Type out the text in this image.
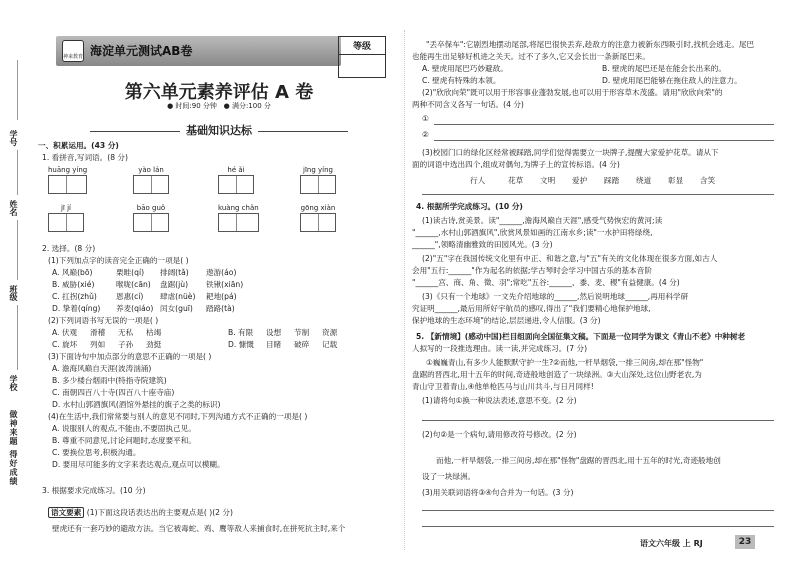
学号
姓名
班级
学校
做神来题 得好成绩
神来教育 海淀单元测试AB卷	等级
第六单元素养评估 A 卷
● 时间:90 分钟 ● 满分:100 分
基础知识达标
一、积累运用。(43 分)
1. 看拼音,写词语。(8 分)
huāng yíng	yào lán	hé ǎi	jīng yíng
jī jí	bāo guǒ	kuàng chǎn	gōng xiàn
2. 选择。(8 分)
(1)下列加点字的读音完全正确的一项是( )
A. 风巅(bō)	栗畦(qí) 排阔(tǎ) 遨游(áo)
B. 威胁(xié)	喉咙(cān) 盘踞(jù) 铁锹(xiān)
C. 扛拐(zhǔ)	恩惠(cí) 肆虐(nüè) 耙地(pá)
D. 挚着(qíng) 养麦(qiáo) 闰女(guī) 踏路(tà)
(2)下列词语书写无误的一项是( )
A. 伏观 滑稽 无私 枯竭	B. 有限 设想 节制 资源
C. 旋坏 列如 子孙 劲挺	D. 慷慨 目睹 破碎 记载
(3)下面诗句中加点部分的意思不正确的一项是( )
A. 澹海风巅自天涯(波涛汹涌)
B. 多少楼台烟雨中(特指寺院建筑)
C. 南朝四百八十寺(四百八十座寺庙)
D. 水村山郭酒旗风(酒馆外悬挂的旗子之类的标识)
(4)在生活中,我们常常要与别人的意见不同时,下列沟通方式不正确的一项是( )
A. 说服别人的观点,不能由,不要固执己见。
B. 尊重不同意见,讨论问题时,态度要平和。
C. 要换位思考,积极沟通。
D. 要用尽可能多的文字来表达观点,观点可以模糊。
3. 根据要求完成练习。(10 分)
语文要素 (1)下面这段话表达出的主要观点是( )(2 分)
壁虎还有一套巧妙的避敌方法。当它被毒蛇、鸡、鹰等敌人来捕食时,在拼死抗主时,来个
"丢卒保车":它剧烈地摆动尾部,将尾巴很快丢弃,趁敌方的注意力被新东西吸引时,找机会逃走。尾巴
也能再生出足够好机进之关天。过不了多久,它又会长出一条新尾巴来。
A. 壁虎用尾巴巧妙避敌。	B. 壁虎的尾巴还是在能会长出来的。
C. 壁虎有特殊的本领。	D. 壁虎用尾巴能够在拖住敌人的注意力。
(2)"欣欣向荣"既可以用于形容事业蓬勃发展,也可以用于形容草木茂盛。请用"欣欣向荣"的
两种不同含义各写一句话。(4 分)
①
②
(3)校园门口的绿化区经常被踩踏,同学们觉得需要立一块牌子,提醒大家爱护花草。请从下
面的词语中选出四个,组成对偶句,为牌子上的宣传标语。(4 分)
行人	花草 文明 爱护 踩踏 绕道 彰显 含笑
4. 根据所学完成练习。(10 分)
(1)读古诗,赏美景。读"______,澹海风巅自天涯",感受气势恢宏的黄河;读
"______,水村山郭酒旗风",欣赏风景如画的江南水乡;读"一水护田将绿绕,
______",领略清幽雅致的田园风光。(3 分)
(2)"五"字在我国传统文化里有中正、和谐之意,与"五"有关的文化体现在很多方面,如古人
会用"五行:______"作为起名的依据;学古琴时会学习中国古乐的基本音阶
"______宫、商、角、徵、羽";常吃"五谷:______、黍、麦、稷"有益健康。(4 分)
(3)《只有一个地球》一文先介绍地球的______,然后说明地球______,再用科学研
究证明______,最后用所好宇航员的感叹,得出了"我们要精心地保护地球,
保护地球的生态环境"的结论,层层递进,令人信服。(3 分)
5. 【新情境】(感动中国)栏目组面向全国征集文稿。下面是一位同学为课文《青山不老》中种树老
人拟写的一段推选理由。读一读,并完成练习。(7 分)
①巍巍青山,有多少人能默默守护一生?②而他,一杆旱烟袋,一排三间房,却在那"怪物"
盘踞的晋西北,用十五年的时间,奇迹般地创造了一块绿洲。③大山深处,这位山野老农,为
青山守卫着青山,④他单枪匹马与山川共斗,与日月同样!
(1)请将句①换一种说法表述,意思不变。(2 分)
(2)句②是一个病句,请用修改符号修改。(2 分)
而他,一杆旱烟袋,一排三间房,却在那"怪物"盘踞的晋西北,用十五年的时光,奇迹般地创
设了一块绿洲。
(3)用关联词语将③④句合并为一句话。(3 分)
语文六年级 上 RJ	23
